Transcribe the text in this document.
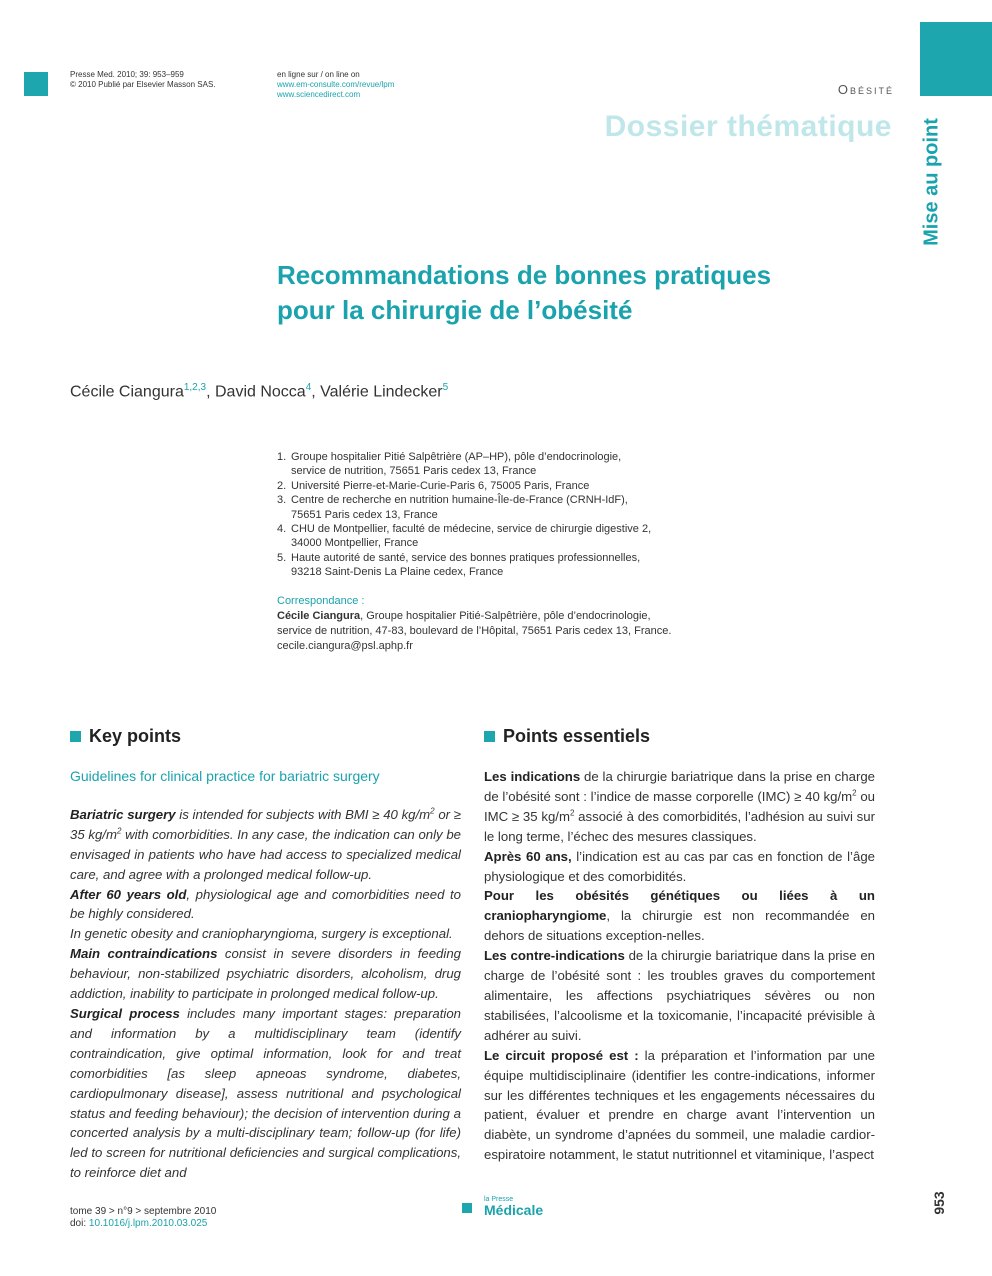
Presse Med. 2010; 39: 953–959
© 2010 Publié par Elsevier Masson SAS.
en ligne sur / on line on
www.em-consulte.com/revue/lpm
www.sciencedirect.com	Obésité
Dossier thématique Mise au point
Recommandations de bonnes pratiques
pour la chirurgie de l’obésité
Cécile Ciangura$^{1,2,3}$, David Nocca$^4$, Valérie Lindecker$^5$
1. Groupe hospitalier Pitié Salpêtrière (AP–HP), pôle d’endocrinologie, service de nutrition, 75651 Paris cedex 13, France
2. Université Pierre-et-Marie-Curie-Paris 6, 75005 Paris, France
3. Centre de recherche en nutrition humaine-Île-de-France (CRNH-IdF), 75651 Paris cedex 13, France
4. CHU de Montpellier, faculté de médecine, service de chirurgie digestive 2, 34000 Montpellier, France
5. Haute autorité de santé, service des bonnes pratiques professionnelles, 93218 Saint-Denis La Plaine cedex, France
Correspondance :
Cécile Ciangura, Groupe hospitalier Pitié-Salpêtrière, pôle d’endocrinologie,
service de nutrition, 47-83, boulevard de l’Hôpital, 75651 Paris cedex 13, France.
cecile.ciangura@psl.aphp.fr
Key points	Points essentiels
Guidelines for clinical practice for bariatric surgery

Bariatric surgery is intended for subjects with BMI ≥ 40 $kg/m^2$ or ≥ 35 $kg/m^2$ with comorbidities. In any case, the indication can only be envisaged in patients who have had access to specialized medical care, and agree with a prolonged medical follow-up.

After 60 years old, physiological age and comorbidities need to be highly considered.

In genetic obesity and craniopharyngioma, surgery is exceptional.

Main contraindications consist in severe disorders in feeding behaviour, non-stabilized psychiatric disorders, alcoholism, drug addiction, inability to participate in prolonged medical follow-up.

Surgical process includes many important stages: preparation and information by a multidisciplinary team (identify contraindication, give optimal information, look for and treat comorbidities [as sleep apneoas syndrome, diabetes, cardiopulmonary disease], assess nutritional and psychological status and feeding behaviour); the decision of intervention during a concerted analysis by a multi-disciplinary team; follow-up (for life) led to screen for nutritional deficiencies and surgical complications, to reinforce diet and

Les indications de la chirurgie bariatrique dans la prise en charge de l’obésité sont : l’indice de masse corporelle (IMC) ≥ 40 $kg/m^2$ ou IMC ≥ 35 $kg/m^2$ associé à des comorbidités, l’adhésion au suivi sur le long terme, l’échec des mesures classiques.

Après 60 ans, l’indication est au cas par cas en fonction de l’âge physiologique et des comorbidités.

Pour les obésités génétiques ou liées à un craniopharyngiome, la chirurgie est non recommandée en dehors de situations exception-nelles.

Les contre-indications de la chirurgie bariatrique dans la prise en charge de l’obésité sont : les troubles graves du comportement alimentaire, les affections psychiatriques sévères ou non stabilisées, l’alcoolisme et la toxicomanie, l’incapacité prévisible à adhérer au suivi.

Le circuit proposé est : la préparation et l’information par une équipe multidisciplinaire (identifier les contre-indications, informer sur les différentes techniques et les engagements nécessaires du patient, évaluer et prendre en charge avant l’intervention un diabète, un syndrome d’apnées du sommeil, une maladie cardior-espiratoire notamment, le statut nutritionnel et vitaminique, l’aspect

tome 39 > n°9 > septembre 2010
doi: 10.1016/j.lpm.2010.03.025
la Presse
Médicale	953
